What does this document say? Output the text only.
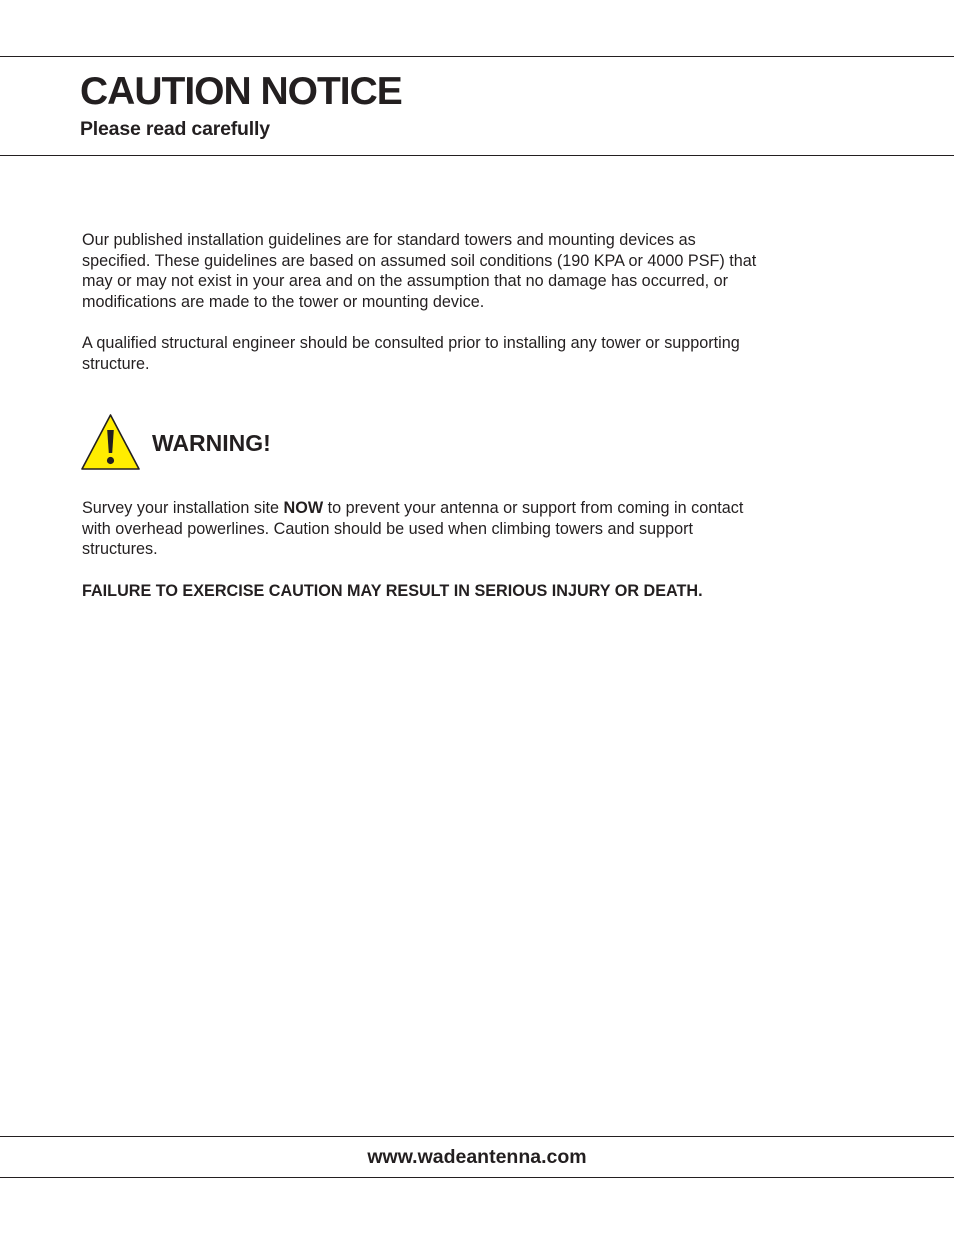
CAUTION NOTICE
Please read carefully

Our published installation guidelines are for standard towers and mounting devices as specified. These guidelines are based on assumed soil conditions (190 KPA or 4000 PSF) that may or may not exist in your area and on the assumption that no damage has occurred, or modifications are made to the tower or mounting device.

A qualified structural engineer should be consulted prior to installing any tower or supporting structure.

WARNING!

Survey your installation site NOW to prevent your antenna or support from coming in contact with overhead powerlines. Caution should be used when climbing towers and support structures.

FAILURE TO EXERCISE CAUTION MAY RESULT IN SERIOUS INJURY OR DEATH.

www.wadeantenna.com
